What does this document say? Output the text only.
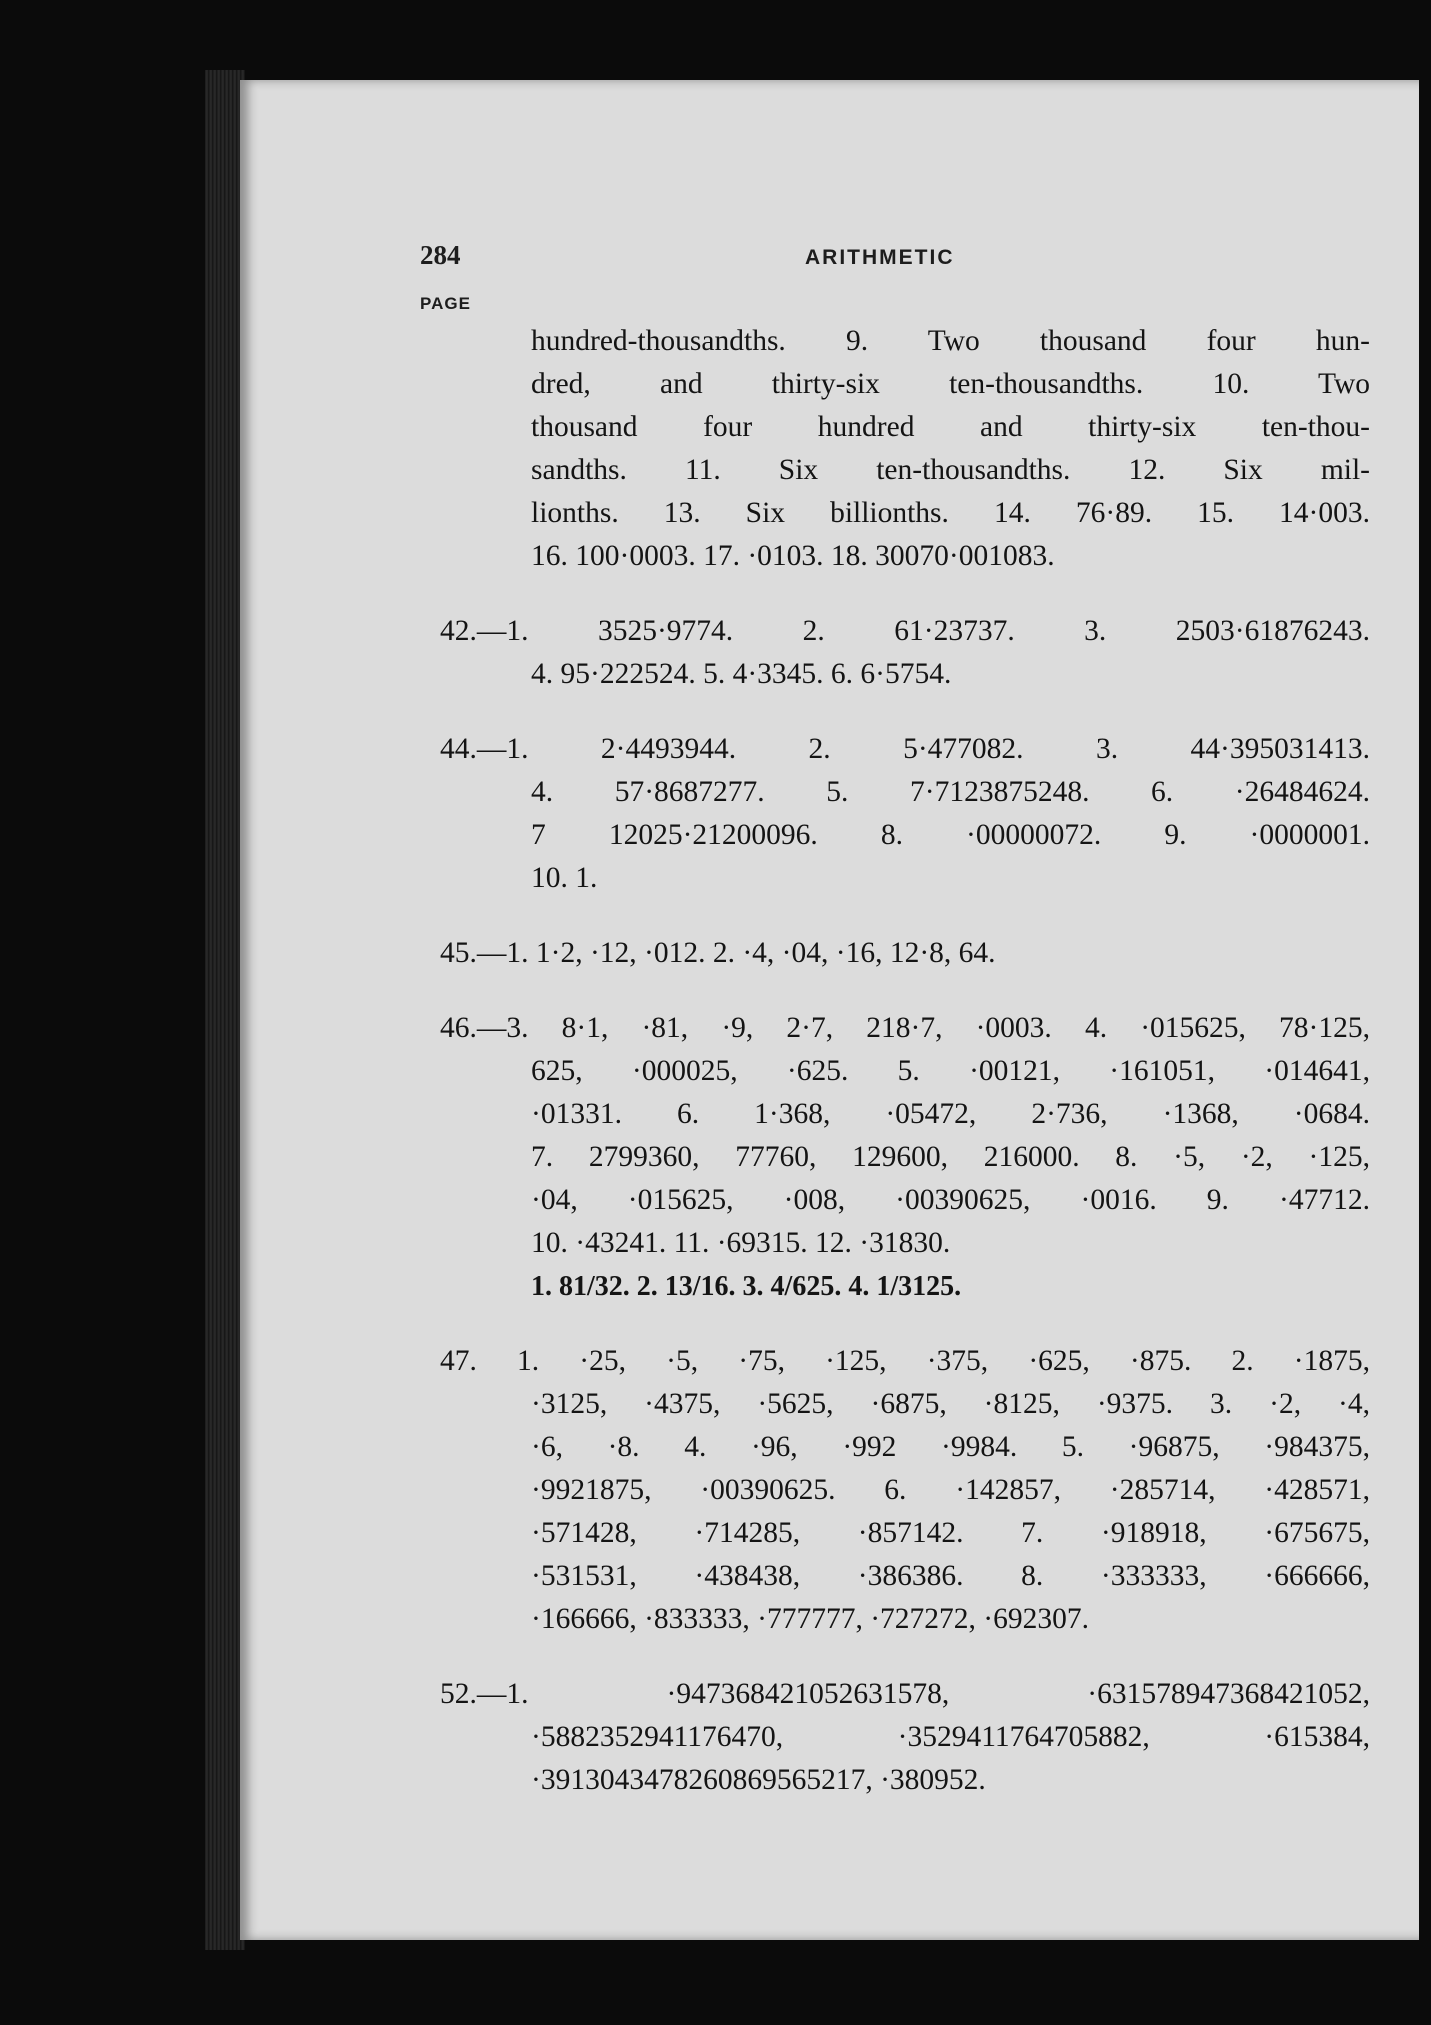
284	ARITHMETIC
PAGE
hundred-thousandths. 9. Two thousand four hun-
dred, and thirty-six ten-thousandths. 10. Two
thousand four hundred and thirty-six ten-thou-
sandths. 11. Six ten-thousandths. 12. Six mil-
lionths. 13. Six billionths. 14. 76·89. 15. 14·003.
16. 100·0003. 17. ·0103. 18. 30070·001083.
42.—1. 3525·9774. 2. 61·23737. 3. 2503·61876243.
4. 95·222524. 5. 4·3345. 6. 6·5754.
44.—1. 2·4493944. 2. 5·477082. 3. 44·395031413.
4. 57·8687277. 5. 7·7123875248. 6. ·26484624.
7 12025·21200096. 8. ·00000072. 9. ·0000001.
10. 1.
45.—1. 1·2, ·12, ·012. 2. ·4, ·04, ·16, 12·8, 64.
46.—3. 8·1, ·81, ·9, 2·7, 218·7, ·0003. 4. ·015625, 78·125,
625, ·000025, ·625. 5. ·00121, ·161051, ·014641,
·01331. 6. 1·368, ·05472, 2·736, ·1368, ·0684.
7. 2799360, 77760, 129600, 216000. 8. ·5, ·2, ·125,
·04, ·015625, ·008, ·00390625, ·0016. 9. ·47712.
10. ·43241. 11. ·69315. 12. ·31830.
1. 81/32. 2. 13/16. 3. 4/625. 4. 1/3125.
47. 1. ·25, ·5, ·75, ·125, ·375, ·625, ·875. 2. ·1875,
·3125, ·4375, ·5625, ·6875, ·8125, ·9375. 3. ·2, ·4,
·6, ·8. 4. ·96, ·992 ·9984. 5. ·96875, ·984375,
·9921875, ·00390625. 6. ·142857, ·285714, ·428571,
·571428, ·714285, ·857142. 7. ·918918, ·675675,
·531531, ·438438, ·386386. 8. ·333333, ·666666,
·166666, ·833333, ·777777, ·727272, ·692307.
52.—1. ·947368421052631578, ·631578947368421052,
·5882352941176470, ·3529411764705882, ·615384,
·3913043478260869565217, ·380952.
